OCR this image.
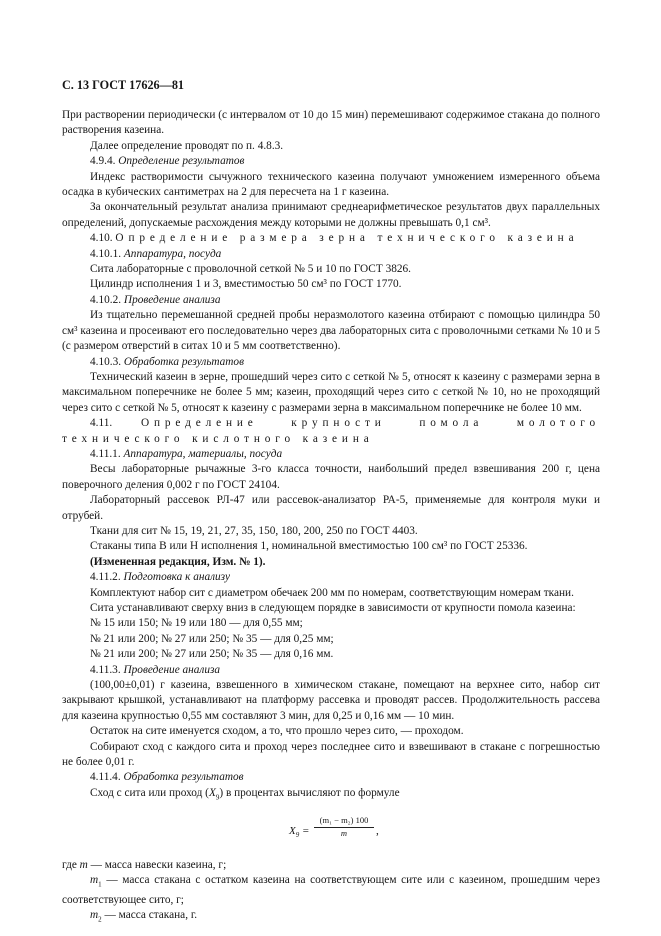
С. 13 ГОСТ 17626—81

При растворении периодически (с интервалом от 10 до 15 мин) перемешивают содержимое стакана до полного растворения казеина.

Далее определение проводят по п. 4.8.3.

4.9.4. Определение результатов

Индекс растворимости сычужного технического казеина получают умножением измеренного объема осадка в кубических сантиметрах на 2 для пересчета на 1 г казеина.

За окончательный результат анализа принимают среднеарифметическое результатов двух параллельных определений, допускаемые расхождения между которыми не должны превышать 0,1 см³.

4.10. Определение размера зерна технического казеина

4.10.1. Аппаратура, посуда

Сита лабораторные с проволочной сеткой № 5 и 10 по ГОСТ 3826.

Цилиндр исполнения 1 и 3, вместимостью 50 см³ по ГОСТ 1770.

4.10.2. Проведение анализа

Из тщательно перемешанной средней пробы неразмолотого казеина отбирают с помощью цилиндра 50 см³ казеина и просеивают его последовательно через два лабораторных сита с проволочными сетками № 10 и 5 (с размером отверстий в ситах 10 и 5 мм соответственно).

4.10.3. Обработка результатов

Технический казеин в зерне, прошедший через сито с сеткой № 5, относят к казеину с размерами зерна в максимальном поперечнике не более 5 мм; казеин, проходящий через сито с сеткой № 10, но не проходящий через сито с сеткой № 5, относят к казеину с размерами зерна в максимальном поперечнике не более 10 мм.

4.11.	Определение крупности помола молотого технического кислотного казеина

4.11.1. Аппаратура, материалы, посуда

Весы лабораторные рычажные 3-го класса точности, наибольший предел взвешивания 200 г, цена поверочного деления 0,002 г по ГОСТ 24104.

Лабораторный рассевок РЛ-47 или рассевок-анализатор РА-5, применяемые для контроля муки и отрубей.

Ткани для сит № 15, 19, 21, 27, 35, 150, 180, 200, 250 по ГОСТ 4403.

Стаканы типа В или Н исполнения 1, номинальной вместимостью 100 см³ по ГОСТ 25336.

(Измененная редакция, Изм. № 1).

4.11.2. Подготовка к анализу

Комплектуют набор сит с диаметром обечаек 200 мм по номерам, соответствующим номерам ткани.

Сита устанавливают сверху вниз в следующем порядке в зависимости от крупности помола казеина:

№ 15 или 150; № 19 или 180 — для 0,55 мм;

№ 21 или 200; № 27 или 250; № 35 — для 0,25 мм;

№ 21 или 200; № 27 или 250; № 35 — для 0,16 мм.

4.11.3. Проведение анализа

(100,00±0,01) г казеина, взвешенного в химическом стакане, помещают на верхнее сито, набор сит закрывают крышкой, устанавливают на платформу рассевка и проводят рассев. Продолжительность рассева для казеина крупностью 0,55 мм составляют 3 мин, для 0,25 и 0,16 мм — 10 мин.

Остаток на сите именуется сходом, а то, что прошло через сито, — проходом.

Собирают сход с каждого сита и проход через последнее сито и взвешивают в стакане с погрешностью не более 0,01 г.

4.11.4. Обработка результатов

Сход с сита или проход $(X_9)$ в процентах вычисляют по формуле

$X_9 = \frac{\text{(m₁ − m₂) 100}}{m}$ ,

где m — масса навески казеина, г;

$m_1$ — масса стакана с остатком казеина на соответствующем сите или с казеином, прошедшим через соответствующее сито, г;

$m_2$ — масса стакана, г.
